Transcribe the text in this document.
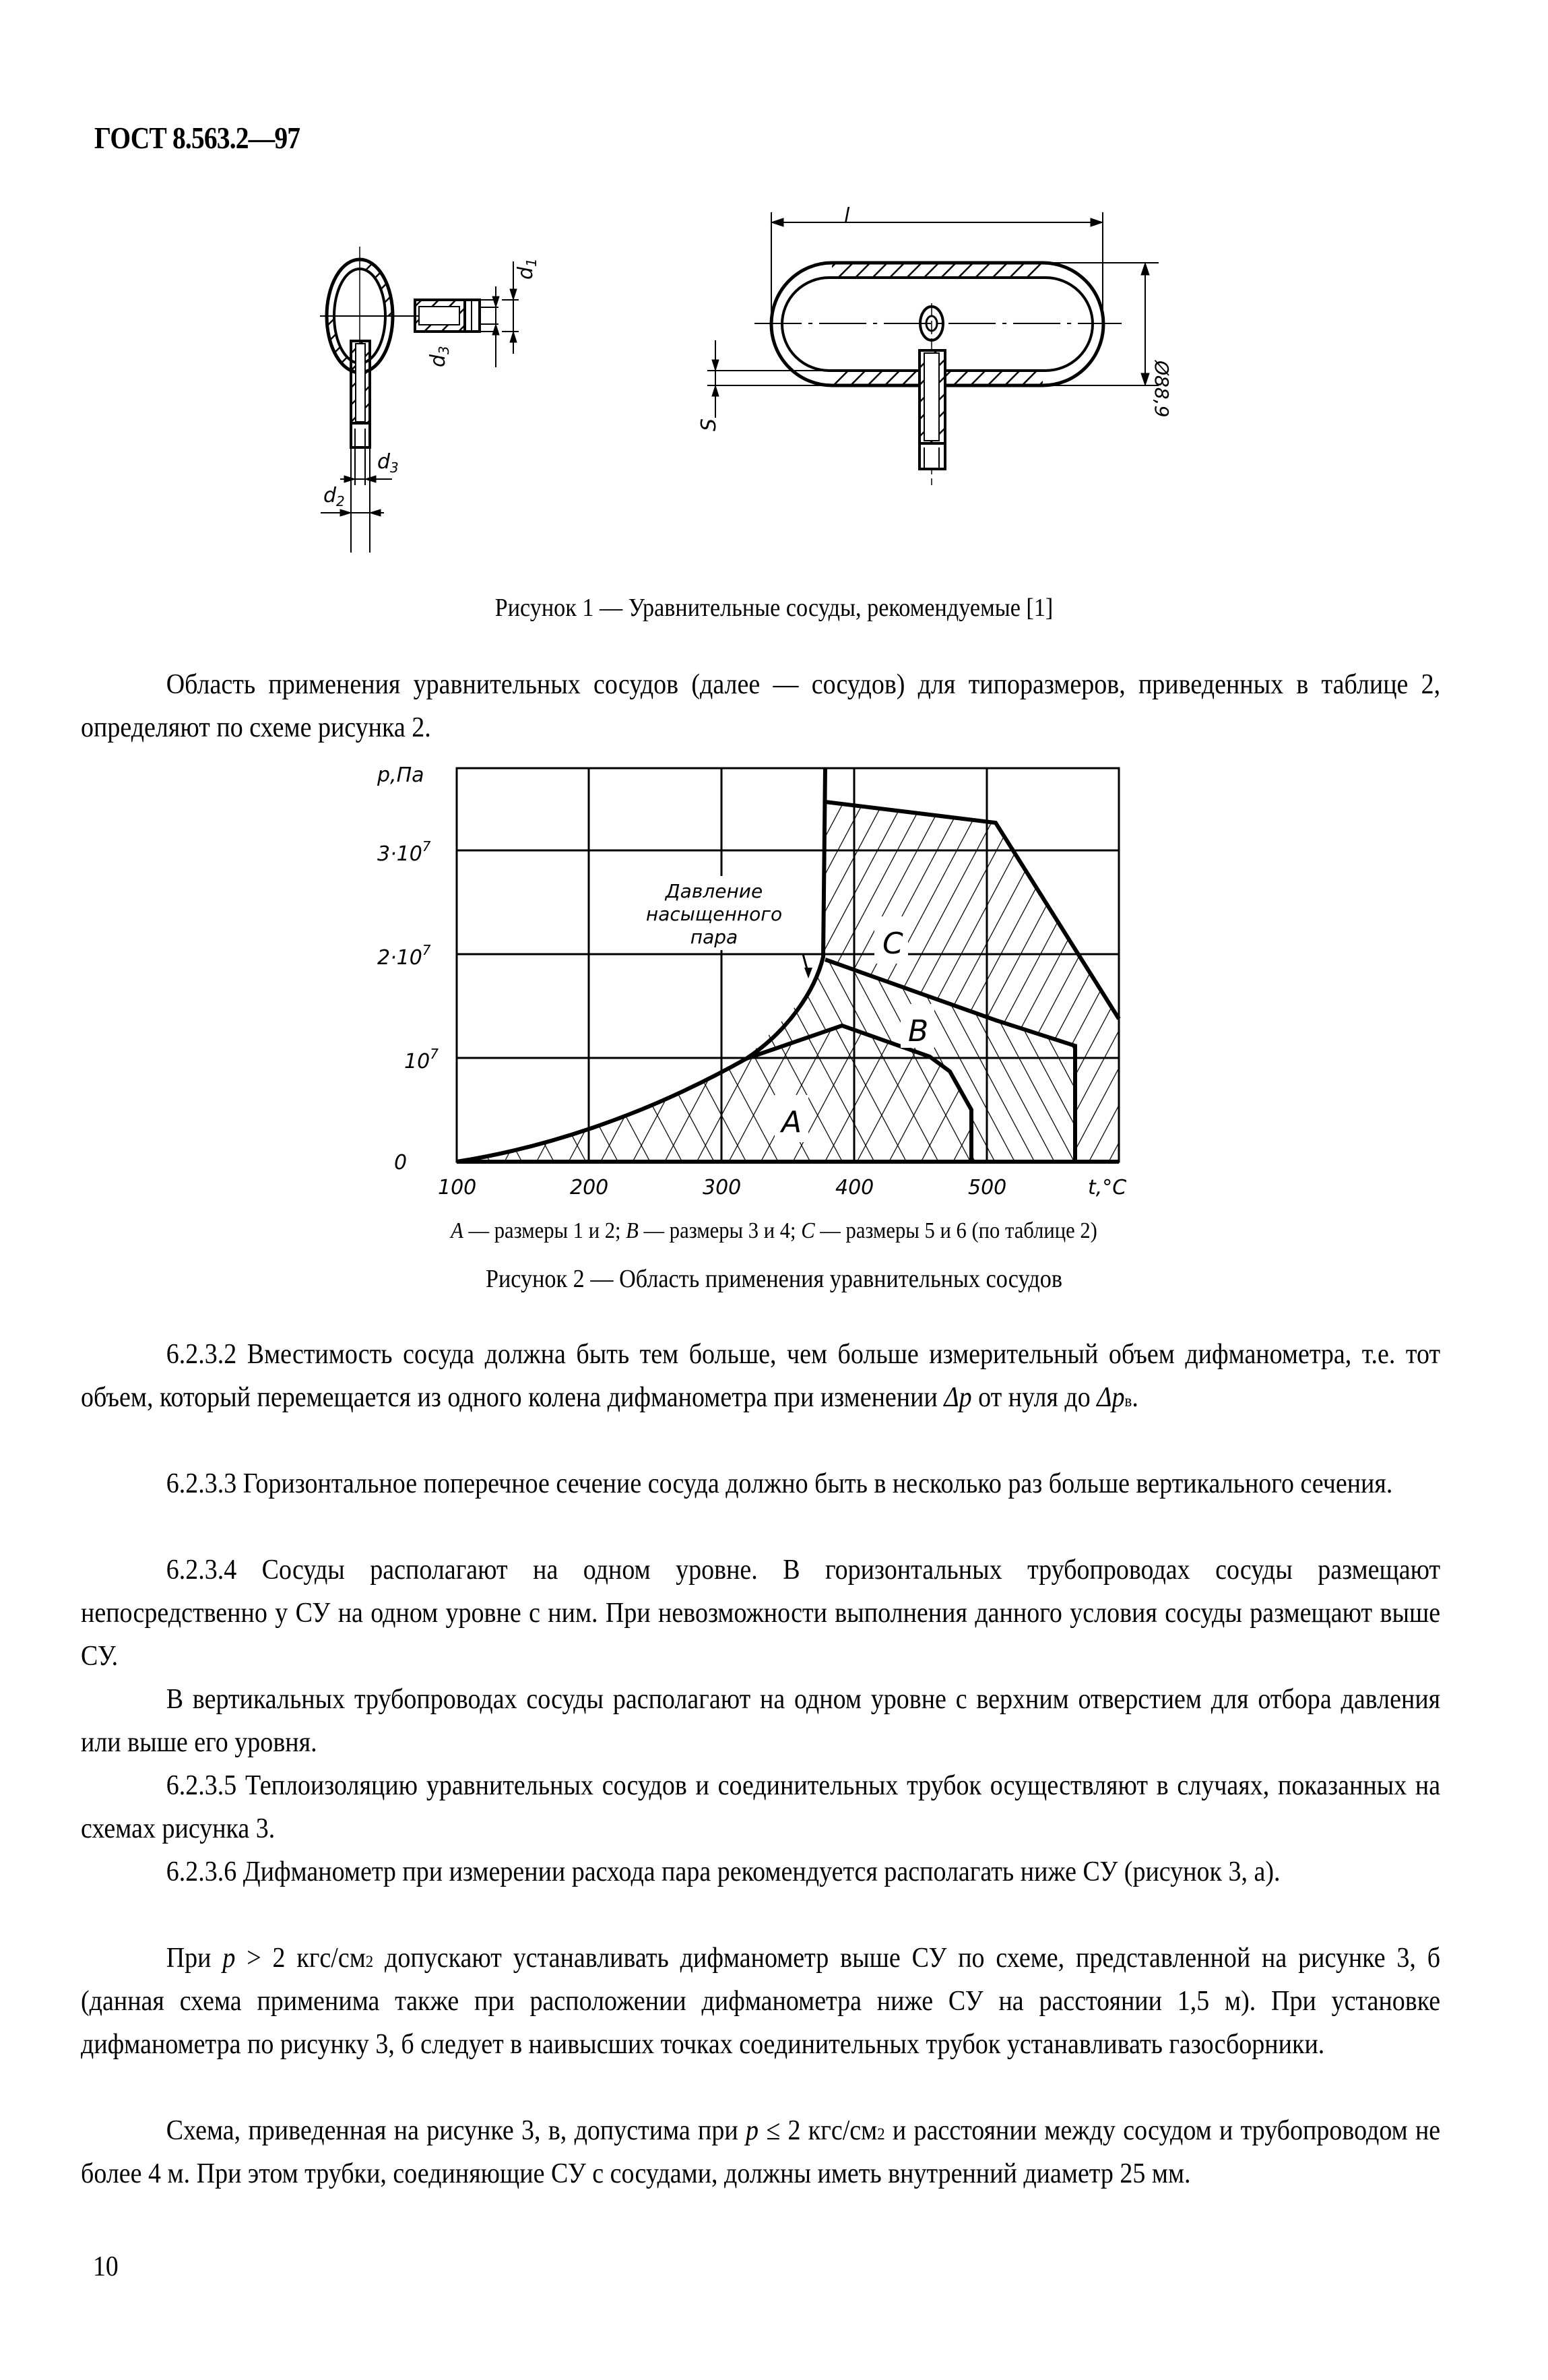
ГОСТ 8.563.2—97
$d_1$
$d_3$
$d_3$
$d_2$
l
S
Ø88,9
Рисунок 1 — Уравнительные сосуды, рекомендуемые [1]
Область применения уравнительных сосудов (далее — сосудов) для типоразмеров, приведенных в таблице 2, определяют по схеме рисунка 2.
p,Па
0
$10^7$
$2\cdot 10^7$
$3\cdot 10^7$
100	200	300	400	500	t,°C
Давление
насыщенного
пара	C
B
A
A — размеры 1 и 2; B — размеры 3 и 4; C — размеры 5 и 6 (по таблице 2)
Рисунок 2 — Область применения уравнительных сосудов
6.2.3.2 Вместимость сосуда должна быть тем больше, чем больше измерительный объем дифманометра, т.е. тот объем, который перемещается из одного колена дифманометра при изменении Δp от нуля до $\Delta p_в$.
6.2.3.3 Горизонтальное поперечное сечение сосуда должно быть в несколько раз больше вертикального сечения.
6.2.3.4 Сосуды располагают на одном уровне. В горизонтальных трубопроводах сосуды размещают непосредственно у СУ на одном уровне с ним. При невозможности выполнения данного условия сосуды размещают выше СУ.
В вертикальных трубопроводах сосуды располагают на одном уровне с верхним отверстием для отбора давления или выше его уровня.
6.2.3.5 Теплоизоляцию уравнительных сосудов и соединительных трубок осуществляют в случаях, показанных на схемах рисунка 3.
6.2.3.6 Дифманометр при измерении расхода пара рекомендуется располагать ниже СУ (рисунок 3, а).
При p > 2 кгс/$см^2$ допускают устанавливать дифманометр выше СУ по схеме, представленной на рисунке 3, б (данная схема применима также при расположении дифманометра ниже СУ на расстоянии 1,5 м). При установке дифманометра по рисунку 3, б следует в наивысших точках соединительных трубок устанавливать газосборники.
Схема, приведенная на рисунке 3, в, допустима при p ≤ 2 кгс/$см^2$ и расстоянии между сосудом и трубопроводом не более 4 м. При этом трубки, соединяющие СУ с сосудами, должны иметь внутренний диаметр 25 мм.
10
